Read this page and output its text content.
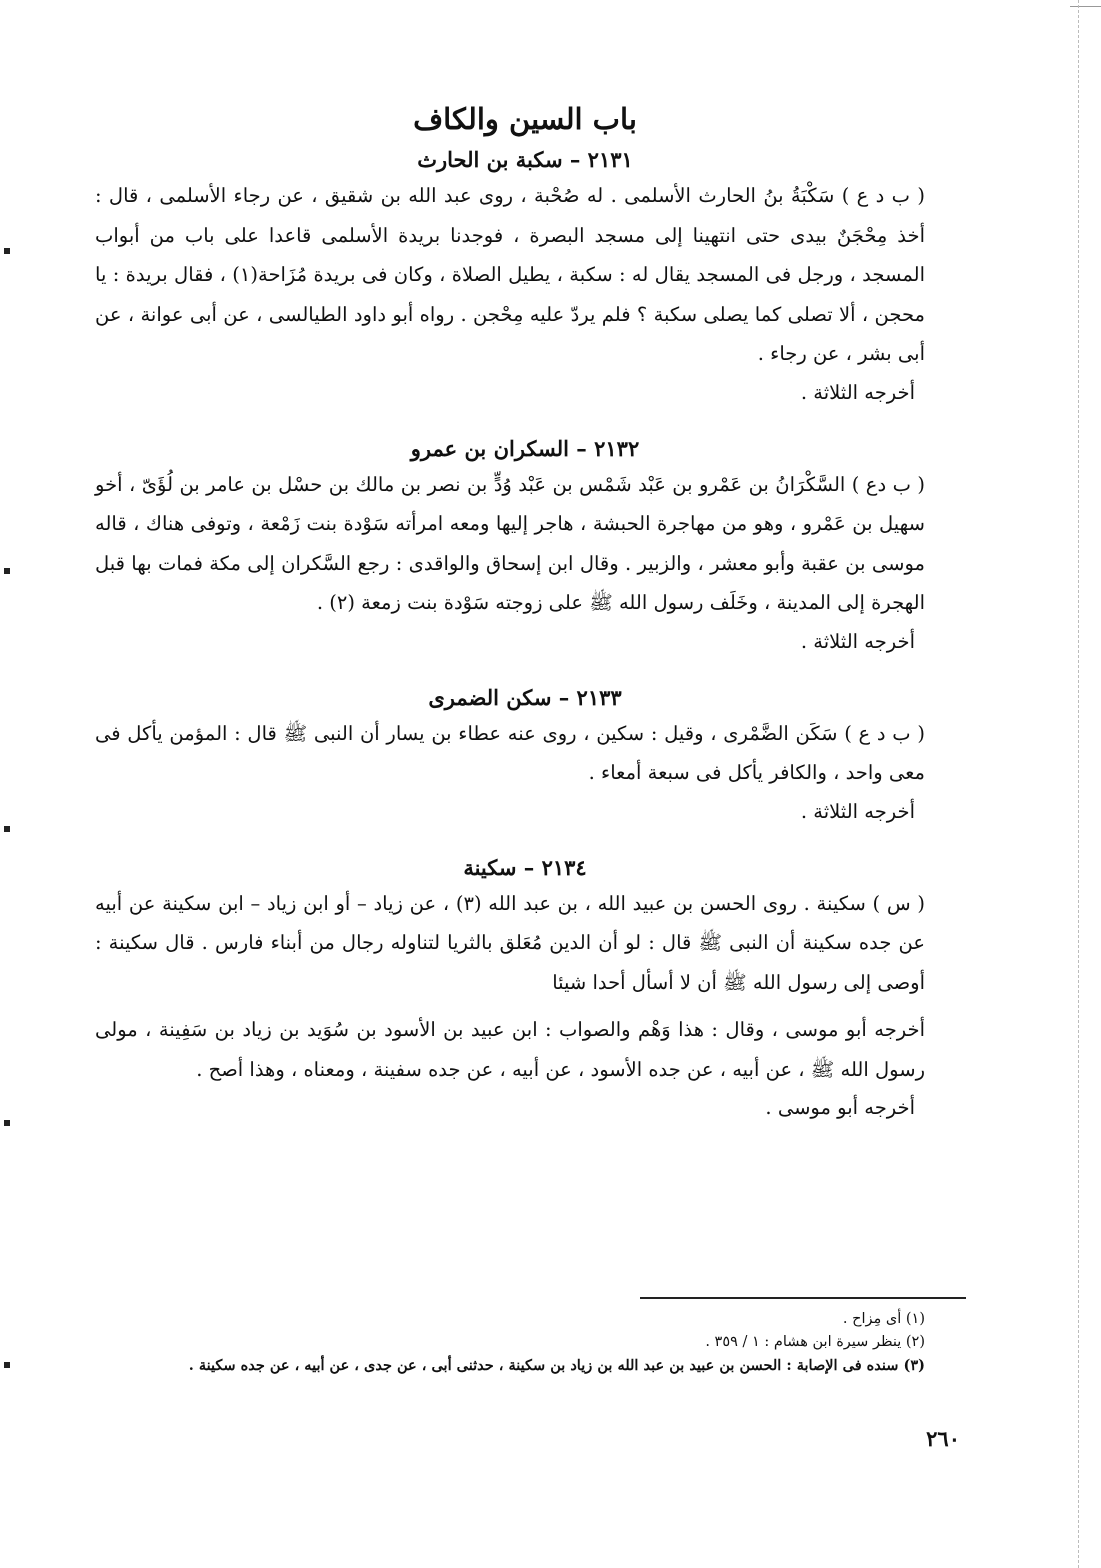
باب السين والكاف
٢١٣١ – سكبة بن الحارث

( ب د ع ) سَكْبَةُ بنُ الحارث الأسلمى . له صُحْبة ، روى عبد الله بن شقيق ، عن رجاء الأسلمى ، قال : أخذ مِحْجَنٌ بيدى حتى انتهينا إلى مسجد البصرة ، فوجدنا بريدة الأسلمى قاعدا على باب من أبواب المسجد ، ورجل فى المسجد يقال له : سكبة ، يطيل الصلاة ، وكان فى بريدة مُزَاحة(١) ، فقال بريدة : يا محجن ، ألا تصلى كما يصلى سكبة ؟ فلم يردّ عليه مِحْجن . رواه أبو داود الطيالسى ، عن أبى عوانة ، عن أبى بشر ، عن رجاء .

أخرجه الثلاثة .

٢١٣٢ – السكران بن عمرو

( ب دع ) السَّكْرَانُ بن عَمْرو بن عَبْد شَمْس بن عَبْد وُدٍّ بن نصر بن مالك بن حسْل بن عامر بن لُؤَىّ ، أخو سهيل بن عَمْرو ، وهو من مهاجرة الحبشة ، هاجر إليها ومعه امرأته سَوْدة بنت زَمْعة ، وتوفى هناك ، قاله موسى بن عقبة وأبو معشر ، والزبير . وقال ابن إسحاق والواقدى : رجع السَّكران إلى مكة فمات بها قبل الهجرة إلى المدينة ، وخَلَف رسول الله ﷺ على زوجته سَوْدة بنت زمعة (٢) .

أخرجه الثلاثة .

٢١٣٣ – سكن الضمرى

( ب د ع ) سَكَن الضَّمْرى ، وقيل : سكين ، روى عنه عطاء بن يسار أن النبى ﷺ قال : المؤمن يأكل فى معى واحد ، والكافر يأكل فى سبعة أمعاء .

أخرجه الثلاثة .

٢١٣٤ – سكينة

( س ) سكينة . روى الحسن بن عبيد الله ، بن عبد الله (٣) ، عن زياد – أو ابن زياد – ابن سكينة عن أبيه عن جده سكينة أن النبى ﷺ قال : لو أن الدين مُعَلق بالثريا لتناوله رجال من أبناء فارس . قال سكينة : أوصى إلى رسول الله ﷺ أن لا أسأل أحدا شيئا

أخرجه أبو موسى ، وقال : هذا وَهْم والصواب : ابن عبيد بن الأسود بن سُوَيد بن زياد بن سَفِينة ، مولى رسول الله ﷺ ، عن أبيه ، عن جده الأسود ، عن أبيه ، عن جده سفينة ، ومعناه ، وهذا أصح .

أخرجه أبو موسى .

(١) أى مِزاح .
(٢) ينظر سيرة ابن هشام : ١ / ٣٥٩ .
(٣) سنده فى الإصابة : الحسن بن عبيد بن عبد الله بن زياد بن سكينة ، حدثنى أبى ، عن جدى ، عن أبيه ، عن جده سكينة .
٢٦٠
